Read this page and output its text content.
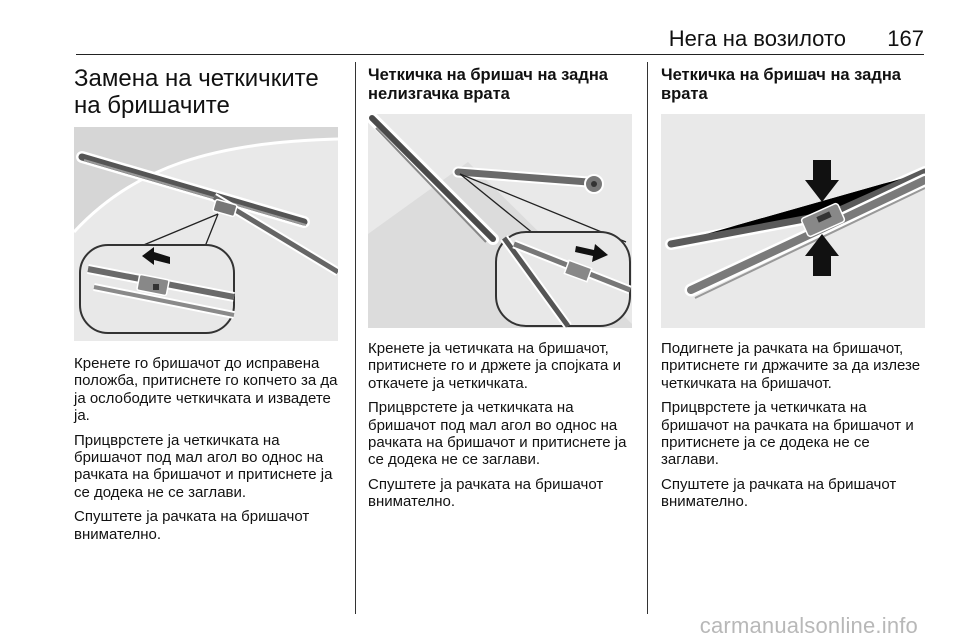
Нега на возилото 167
Замена на четкичките на бришачите

Кренете го бришачот до исправена положба, притиснете го копчето за да ја ослободите четкичката и извадете ја.

Прицврстете ја четкичката на бришачот под мал агол во однос на рачката на бришачот и притиснете ја се додека не се заглави.

Спуштете ја рачката на бришачот внимателно.

Четкичка на бришач на задна нелизгачка врата

Кренете ја четичката на бришачот, притиснете го и држете ја спојката и откачете ја четкичката.

Прицврстете ја четкичката на бришачот под мал агол во однос на рачката на бришачот и притиснете ја се додека не се заглави.

Спуштете ја рачката на бришачот внимателно.

Четкичка на бришач на задна врата

Подигнете ја рачката на бришачот, притиснете ги држачите за да излезе четкичката на бришачот.

Прицврстете ја четкичката на бришачот на рачката на бришачот и притиснете ја се додека не се заглави.

Спуштете ја рачката на бришачот внимателно.

carmanualsonline.info
